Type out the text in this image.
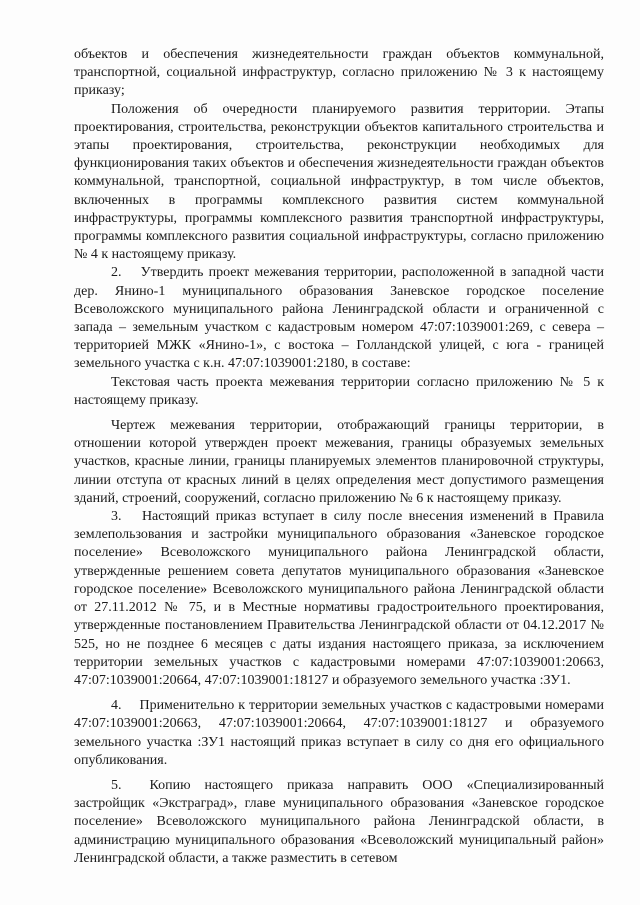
объектов и обеспечения жизнедеятельности граждан объектов коммунальной, транспортной, социальной инфраструктур, согласно приложению № 3 к настоящему приказу;

Положения об очередности планируемого развития территории. Этапы проектирования, строительства, реконструкции объектов капитального строительства и этапы проектирования, строительства, реконструкции необходимых для функционирования таких объектов и обеспечения жизнедеятельности граждан объектов коммунальной, транспортной, социальной инфраструктур, в том числе объектов, включенных в программы комплексного развития систем коммунальной инфраструктуры, программы комплексного развития транспортной инфраструктуры, программы комплексного развития социальной инфраструктуры, согласно приложению № 4 к настоящему приказу.

2.  Утвердить проект межевания территории, расположенной в западной части дер. Янино-1 муниципального образования Заневское городское поселение Всеволожского муниципального района Ленинградской области и ограниченной с запада – земельным участком с кадастровым номером 47:07:1039001:269, с севера – территорией МЖК «Янино-1», с востока – Голландской улицей, с юга - границей земельного участка с к.н. 47:07:1039001:2180, в составе:

Текстовая часть проекта межевания территории согласно приложению № 5 к настоящему приказу.

Чертеж межевания территории, отображающий границы территории, в отношении которой утвержден проект межевания, границы образуемых земельных участков, красные линии, границы планируемых элементов планировочной структуры, линии отступа от красных линий в целях определения мест допустимого размещения зданий, строений, сооружений, согласно приложению № 6 к настоящему приказу.

3.  Настоящий приказ вступает в силу после внесения изменений в Правила землепользования и застройки муниципального образования «Заневское городское поселение» Всеволожского муниципального района Ленинградской области, утвержденные решением совета депутатов муниципального образования «Заневское городское поселение» Всеволожского муниципального района Ленинградской области от 27.11.2012 № 75, и в Местные нормативы градостроительного проектирования, утвержденные постановлением Правительства Ленинградской области от 04.12.2017 № 525, но не позднее 6 месяцев с даты издания настоящего приказа, за исключением территории земельных участков с кадастровыми номерами 47:07:1039001:20663, 47:07:1039001:20664, 47:07:1039001:18127 и образуемого земельного участка :ЗУ1.

4.  Применительно к территории земельных участков с кадастровыми номерами 47:07:1039001:20663, 47:07:1039001:20664, 47:07:1039001:18127 и образуемого земельного участка :ЗУ1 настоящий приказ вступает в силу со дня его официального опубликования.

5.  Копию настоящего приказа направить ООО «Специализированный застройщик «Экстраград», главе муниципального образования «Заневское городское поселение» Всеволожского муниципального района Ленинградской области, в администрацию муниципального образования «Всеволожский муниципальный район» Ленинградской области, а также разместить в сетевом
